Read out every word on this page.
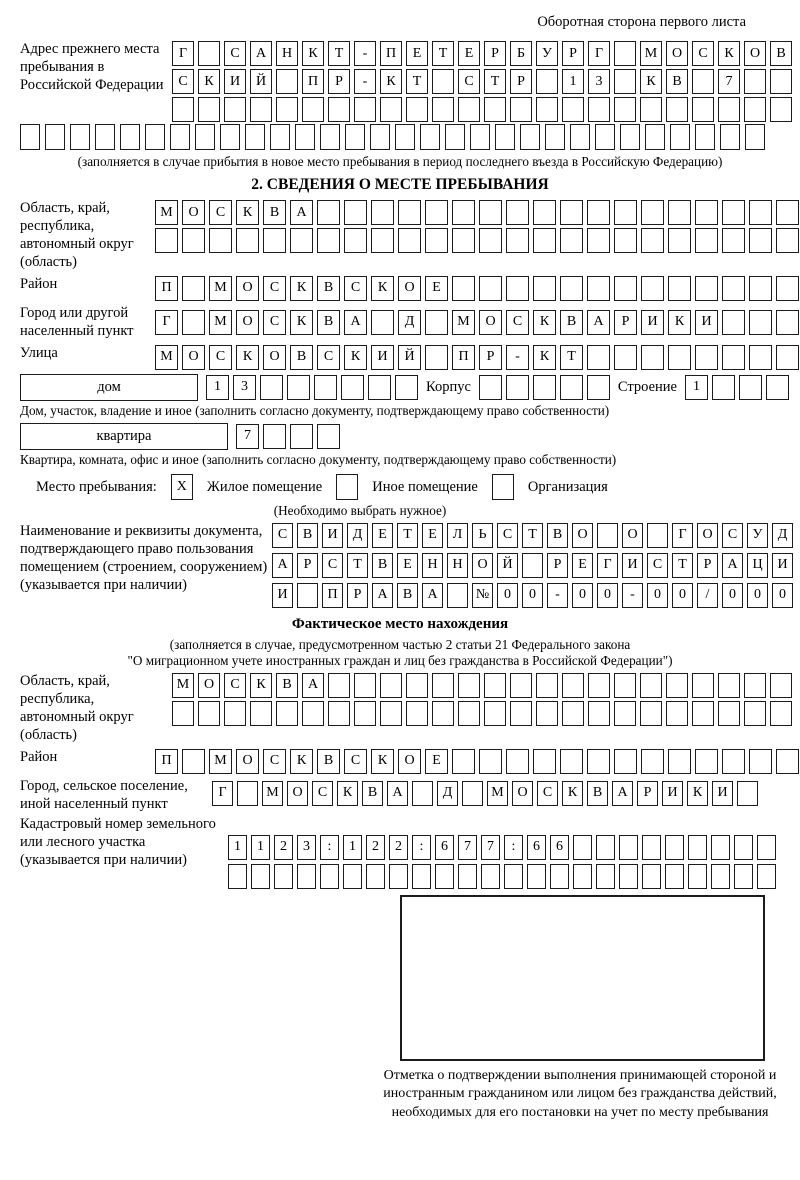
Оборотная сторона первого листа
Адрес прежнего места пребывания в Российской Федерации
Г	С	А	Н	К	Т	-	П	Е	Т	Е	Р	Б	У	Р	Г	М	О	С	К	О	В
С	К	И	Й	П	Р	-	К	Т	С	Т	Р	1	3	К	В	7
(заполняется в случае прибытия в новое место пребывания в период последнего въезда в Российскую Федерацию)
2. СВЕДЕНИЯ О МЕСТЕ ПРЕБЫВАНИЯ
Область, край, республика, автономный округ (область)
М	О	С	К	В	А
Район	П	М	О	С	К	В	С	К	О	Е
Город или другой населенный пункт
Г	М	О	С	К	В	А	Д	М	О	С	К	В	А	Р	И	К	И
Улица	М	О	С	К	О	В	С	К	И	Й	П	Р	-	К	Т
дом	1	3	Корпус	Строение	1
Дом, участок, владение и иное (заполнить согласно документу, подтверждающему право собственности)
квартира	7
Квартира, комната, офис и иное (заполнить согласно документу, подтверждающему право собственности)
Место пребывания:	X	Жилое помещение	Иное помещение	Организация
(Необходимо выбрать нужное)
Наименование и реквизиты документа, подтверждающего право пользования помещением (строением, сооружением) (указывается при наличии)
С	В	И	Д	Е	Т	Е	Л	Ь	С	Т	В	О	О	Г	О	С	У	Д
А	Р	С	Т	В	Е	Н	Н	О	Й	Р	Е	Г	И	С	Т	Р	А	Ц	И
И	П	Р	А	В	А	№	0	0	-	0	0	-	0	0	/	0	0	0
Фактическое место нахождения
(заполняется в случае, предусмотренном частью 2 статьи 21 Федерального закона
"О миграционном учете иностранных граждан и лиц без гражданства в Российской Федерации")
Область, край, республика, автономный округ (область)
М	О	С	К	В	А
Район	П	М	О	С	К	В	С	К	О	Е
Город, сельское поселение, иной населенный пункт
Г	М О	С	К	В	А	Д	М О	С	К	В	А	Р	И	К	И
Кадастровый номер земельного или лесного участка (указывается при наличии)
1	1	2	3	:	1	2	2	:	6	7	7	:	6	6
Отметка о подтверждении выполнения принимающей стороной и иностранным гражданином или лицом без гражданства действий, необходимых для его постановки на учет по месту пребывания
